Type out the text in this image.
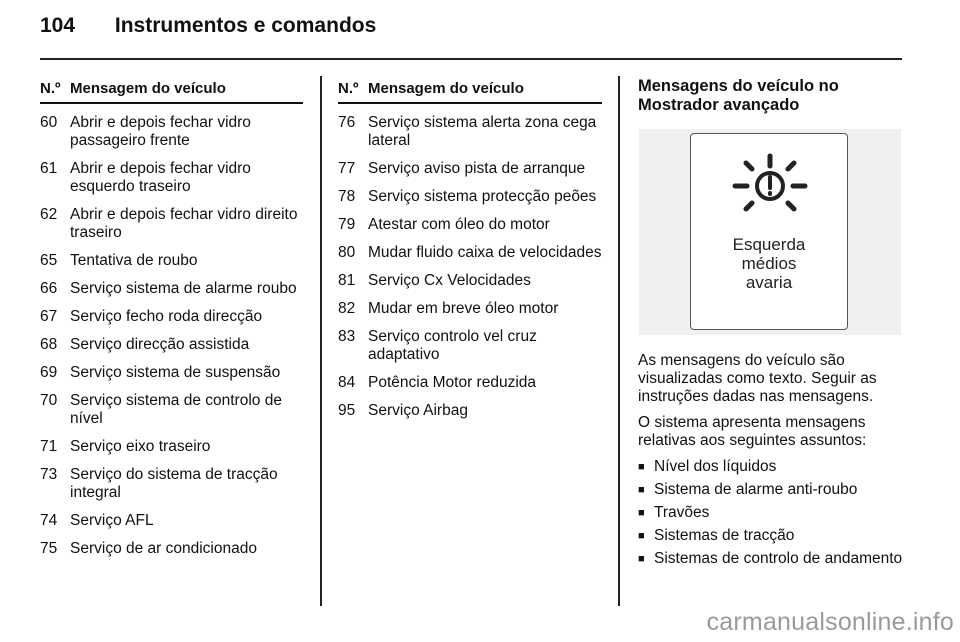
104 Instrumentos e comandos
N.º Mensagem do veículo
60 Abrir e depois fechar vidro passageiro frente
61 Abrir e depois fechar vidro esquerdo traseiro
62 Abrir e depois fechar vidro direito traseiro
65 Tentativa de roubo
66 Serviço sistema de alarme roubo
67 Serviço fecho roda direcção
68 Serviço direcção assistida
69 Serviço sistema de suspensão
70 Serviço sistema de controlo de nível
71 Serviço eixo traseiro
73 Serviço do sistema de tracção integral
74 Serviço AFL
75 Serviço de ar condicionado
N.º Mensagem do veículo
76 Serviço sistema alerta zona cega lateral
77 Serviço aviso pista de arranque
78 Serviço sistema protecção peões
79 Atestar com óleo do motor
80 Mudar fluido caixa de velocidades
81 Serviço Cx Velocidades
82 Mudar em breve óleo motor
83 Serviço controlo vel cruz adaptativo
84 Potência Motor reduzida
95 Serviço Airbag
Mensagens do veículo no
Mostrador avançado
Esquerda
médios
avaria
As mensagens do veículo são visualizadas como texto. Seguir as instruções dadas nas mensagens.
O sistema apresenta mensagens relativas aos seguintes assuntos:
■ Nível dos líquidos
■ Sistema de alarme anti-roubo
■ Travões
■ Sistemas de tracção
■ Sistemas de controlo de andamento
carmanualsonline.info
